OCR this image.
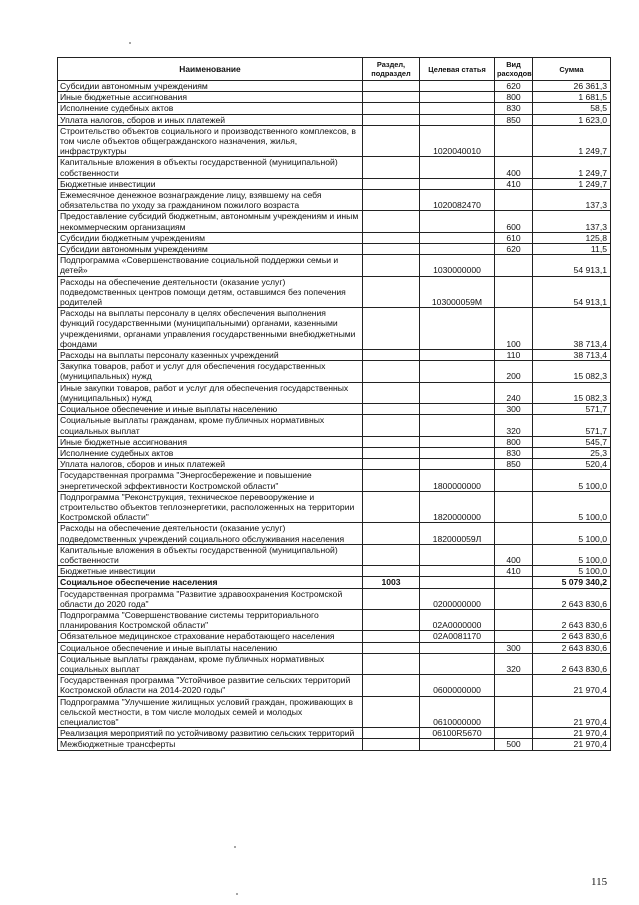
Наименование	Раздел, подраздел	Целевая статья	Вид расходов	Сумма
Субсидии автономным учреждениям			620	26 361,3
Иные бюджетные ассигнования			800	1 681,5
Исполнение судебных актов			830	58,5
Уплата налогов, сборов и иных платежей			850	1 623,0
Строительство объектов социального и производственного комплексов, в том числе объектов общегражданского назначения, жилья, инфраструктуры		1020040010		1 249,7
Капитальные вложения в объекты государственной (муниципальной) собственности			400	1 249,7
Бюджетные инвестиции			410	1 249,7
Ежемесячное денежное вознаграждение лицу, взявшему на себя обязательства по уходу за гражданином пожилого возраста		1020082470		137,3
Предоставление субсидий бюджетным, автономным учреждениям и иным некоммерческим организациям			600	137,3
Субсидии бюджетным учреждениям			610	125,8
Субсидии автономным учреждениям			620	11,5
Подпрограмма «Совершенствование социальной поддержки семьи и детей»		1030000000		54 913,1
Расходы на обеспечение деятельности (оказание услуг) подведомственных центров помощи детям, оставшимся без попечения родителей		103000059М		54 913,1
Расходы на выплаты персоналу в целях обеспечения выполнения функций государственными (муниципальными) органами, казенными учреждениями, органами управления государственными внебюджетными фондами			100	38 713,4
Расходы на выплаты персоналу казенных учреждений			110	38 713,4
Закупка товаров, работ и услуг для обеспечения государственных (муниципальных) нужд			200	15 082,3
Иные закупки товаров, работ и услуг для обеспечения государственных (муниципальных) нужд			240	15 082,3
Социальное обеспечение и иные выплаты населению			300	571,7
Социальные выплаты гражданам, кроме публичных нормативных социальных выплат			320	571,7
Иные бюджетные ассигнования			800	545,7
Исполнение судебных актов			830	25,3
Уплата налогов, сборов и иных платежей			850	520,4
Государственная программа "Энергосбережение и повышение энергетической эффективности Костромской области"		1800000000		5 100,0
Подпрограмма "Реконструкция, техническое перевооружение и строительство объектов теплоэнергетики, расположенных на территории Костромской области"		1820000000		5 100,0
Расходы на обеспечение деятельности (оказание услуг) подведомственных учреждений социального обслуживания населения		182000059Л		5 100,0
Капитальные вложения в объекты государственной (муниципальной) собственности			400	5 100,0
Бюджетные инвестиции			410	5 100,0
Социальное обеспечение населения	1003			5 079 340,2
Государственная программа "Развитие здравоохранения Костромской области до 2020 года"		0200000000		2 643 830,6
Подпрограмма "Совершенствование системы территориального планирования Костромской области"		02А0000000		2 643 830,6
Обязательное медицинское страхование неработающего населения		02А0081170		2 643 830,6
Социальное обеспечение и иные выплаты населению			300	2 643 830,6
Социальные выплаты гражданам, кроме публичных нормативных социальных выплат			320	2 643 830,6
Государственная программа "Устойчивое развитие сельских территорий Костромской области на 2014-2020 годы"		0600000000		21 970,4
Подпрограмма "Улучшение жилищных условий граждан, проживающих в сельской местности, в том числе молодых семей и молодых специалистов"		0610000000		21 970,4
Реализация мероприятий по устойчивому развитию сельских территорий		06100R5670		21 970,4
Межбюджетные трансферты			500	21 970,4
115
